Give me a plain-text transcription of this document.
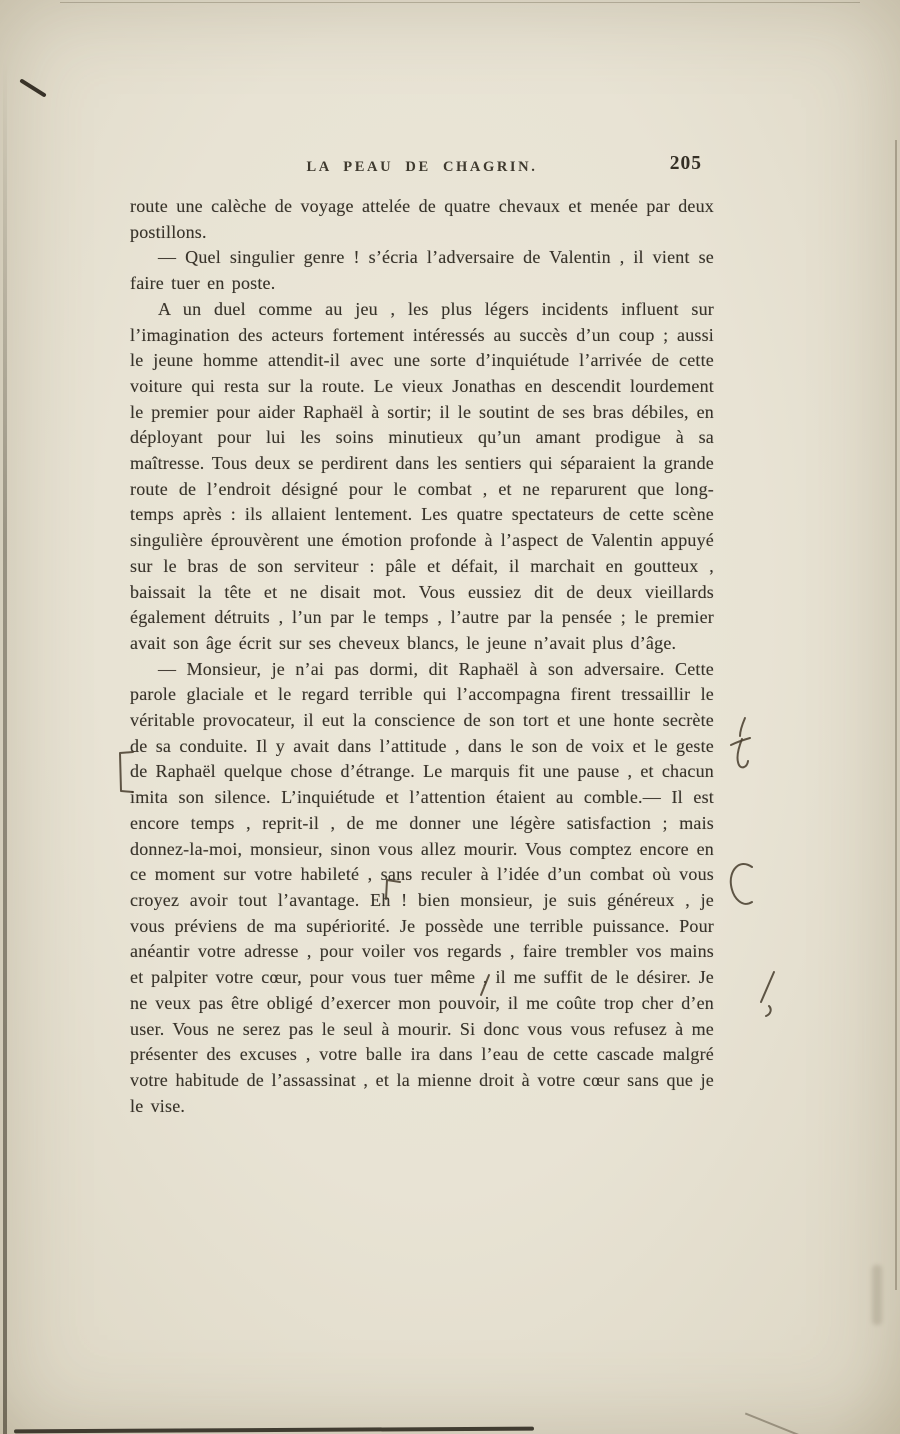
LA PEAU DE CHAGRIN.	205

route une calèche de voyage attelée de quatre chevaux et menée par deux postillons.

— Quel singulier genre ! s’écria l’adversaire de Valentin , il vient se faire tuer en poste.

A un duel comme au jeu , les plus légers incidents influent sur l’imagination des acteurs fortement intéressés au succès d’un coup ; aussi le jeune homme attendit-il avec une sorte d’inquiétude l’arrivée de cette voiture qui resta sur la route. Le vieux Jonathas en descendit lourdement le premier pour aider Raphaël à sortir; il le soutint de ses bras débiles, en déployant pour lui les soins minutieux qu’un amant prodigue à sa maîtresse. Tous deux se perdirent dans les sentiers qui séparaient la grande route de l’endroit désigné pour le combat , et ne reparurent que long-temps après : ils allaient lentement. Les quatre spectateurs de cette scène singulière éprouvèrent une émotion profonde à l’aspect de Valentin appuyé sur le bras de son serviteur : pâle et défait, il marchait en goutteux , baissait la tête et ne disait mot. Vous eussiez dit de deux vieillards également détruits , l’un par le temps , l’autre par la pensée ; le premier avait son âge écrit sur ses cheveux blancs, le jeune n’avait plus d’âge.

— Monsieur, je n’ai pas dormi, dit Raphaël à son adversaire. Cette parole glaciale et le regard terrible qui l’accompagna firent tressaillir le véritable provocateur, il eut la conscience de son tort et une honte secrète de sa conduite. Il y avait dans l’attitude , dans le son de voix et le geste de Raphaël quelque chose d’étrange. Le marquis fit une pause , et chacun imita son silence. L’inquiétude et l’attention étaient au comble.— Il est encore temps , reprit-il , de me donner une légère satisfaction ; mais donnez-la-moi, monsieur, sinon vous allez mourir. Vous comptez encore en ce moment sur votre habileté , sans reculer à l’idée d’un combat où vous croyez avoir tout l’avantage. Eh ! bien monsieur, je suis généreux , je vous préviens de ma supériorité. Je possède une terrible puissance. Pour anéantir votre adresse , pour voiler vos regards , faire trembler vos mains et palpiter votre cœur, pour vous tuer même , il me suffit de le désirer. Je ne veux pas être obligé d’exercer mon pouvoir, il me coûte trop cher d’en user. Vous ne serez pas le seul à mourir. Si donc vous vous refusez à me présenter des excuses , votre balle ira dans l’eau de cette cascade malgré votre habitude de l’assassinat , et la mienne droit à votre cœur sans que je le vise.
